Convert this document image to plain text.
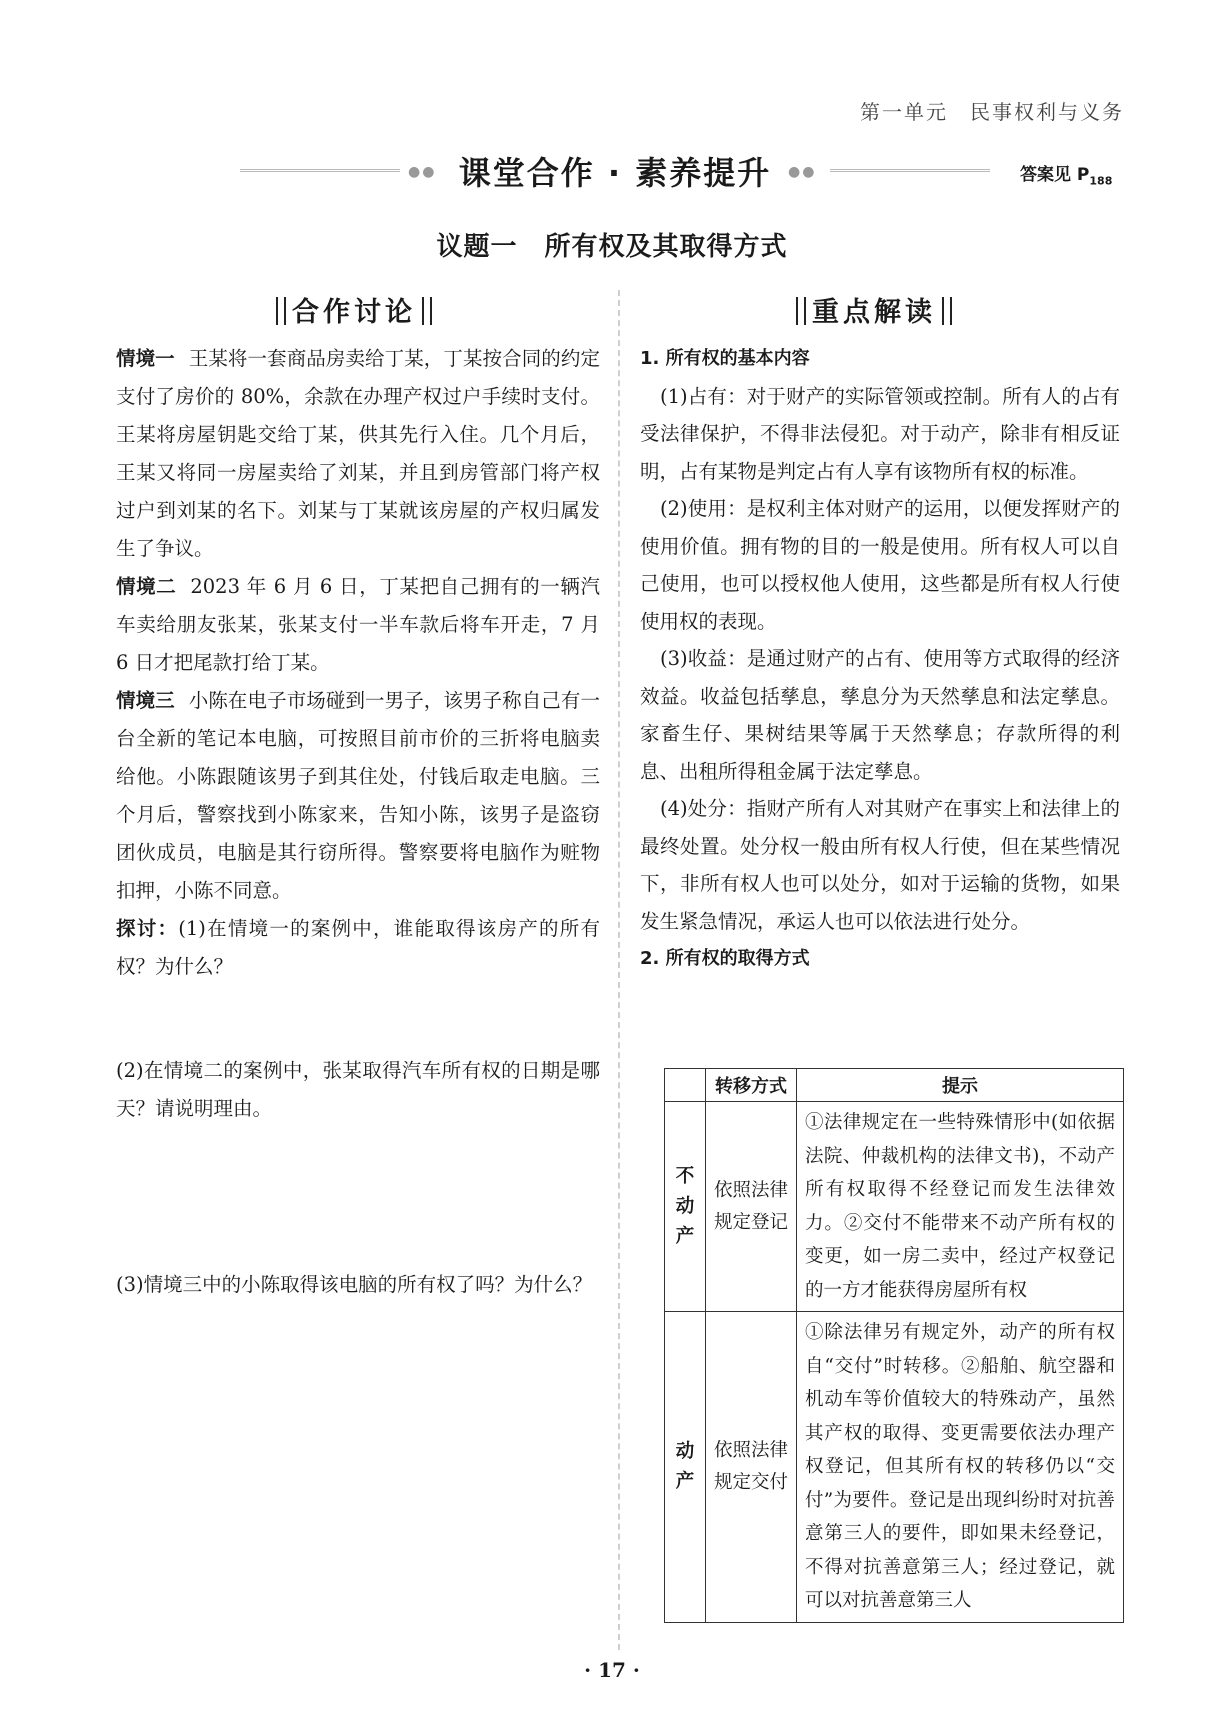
第一单元　民事权利与义务
●● 课堂合作 · 素养提升	●●	答案见 $P_{188}$
议题一　所有权及其取得方式
合作讨论	重点解读

情境一 王某将一套商品房卖给丁某，丁某按合同的约定支付了房价的 80%，余款在办理产权过户手续时支付。王某将房屋钥匙交给丁某，供其先行入住。几个月后，王某又将同一房屋卖给了刘某，并且到房管部门将产权过户到刘某的名下。刘某与丁某就该房屋的产权归属发生了争议。

情境二 2023 年 6 月 6 日，丁某把自己拥有的一辆汽车卖给朋友张某，张某支付一半车款后将车开走，7 月 6 日才把尾款打给丁某。

情境三 小陈在电子市场碰到一男子，该男子称自己有一台全新的笔记本电脑，可按照目前市价的三折将电脑卖给他。小陈跟随该男子到其住处，付钱后取走电脑。三个月后，警察找到小陈家来，告知小陈，该男子是盗窃团伙成员，电脑是其行窃所得。警察要将电脑作为赃物扣押，小陈不同意。

探讨：(1)在情境一的案例中，谁能取得该房产的所有权？为什么？

(2)在情境二的案例中，张某取得汽车所有权的日期是哪天？请说明理由。
(3)情境三中的小陈取得该电脑的所有权了吗？为什么？

1. 所有权的基本内容

(1)占有：对于财产的实际管领或控制。所有人的占有受法律保护，不得非法侵犯。对于动产，除非有相反证明，占有某物是判定占有人享有该物所有权的标准。

(2)使用：是权利主体对财产的运用，以便发挥财产的使用价值。拥有物的目的一般是使用。所有权人可以自己使用，也可以授权他人使用，这些都是所有权人行使使用权的表现。

(3)收益：是通过财产的占有、使用等方式取得的经济效益。收益包括孳息，孳息分为天然孳息和法定孳息。家畜生仔、果树结果等属于天然孳息；存款所得的利息、出租所得租金属于法定孳息。

(4)处分：指财产所有人对其财产在事实上和法律上的最终处置。处分权一般由所有权人行使，但在某些情况下，非所有权人也可以处分，如对于运输的货物，如果发生紧急情况，承运人也可以依法进行处分。

2. 所有权的取得方式

	转移方式	提示
不
动
产	依照法律规定登记	①法律规定在一些特殊情形中(如依据法院、仲裁机构的法律文书)，不动产所有权取得不经登记而发生法律效力。②交付不能带来不动产所有权的变更，如一房二卖中，经过产权登记的一方才能获得房屋所有权
动
产	依照法律规定交付	①除法律另有规定外，动产的所有权自“交付”时转移。②船舶、航空器和机动车等价值较大的特殊动产，虽然其产权的取得、变更需要依法办理产权登记，但其所有权的转移仍以“交付”为要件。登记是出现纠纷时对抗善意第三人的要件，即如果未经登记，不得对抗善意第三人；经过登记，就可以对抗善意第三人
· 17 ·
